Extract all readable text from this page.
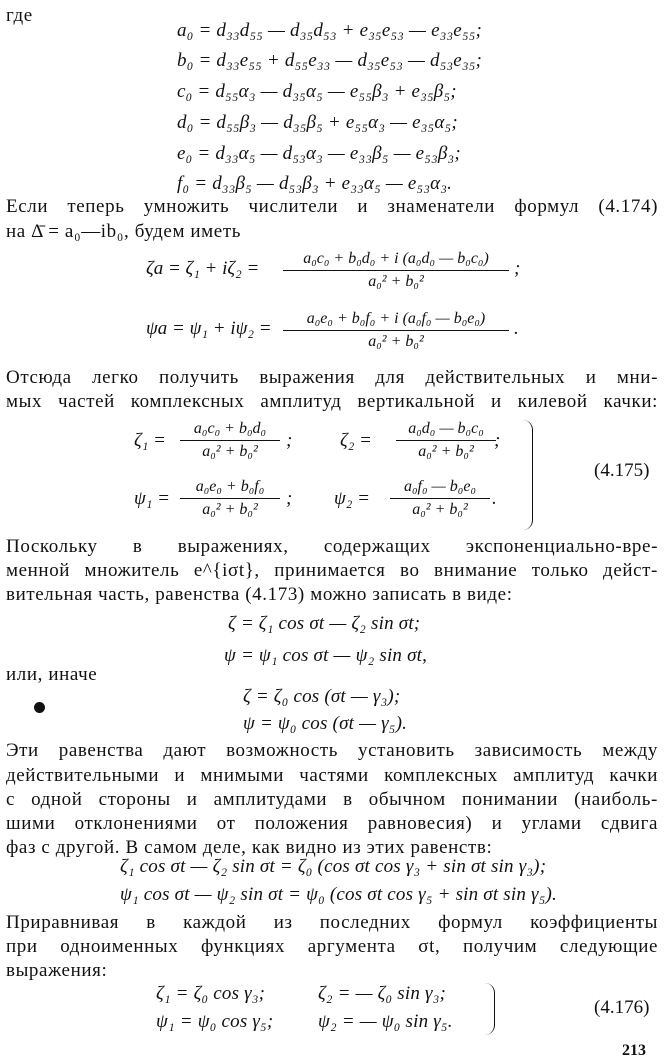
где
a₀ = d₃₃d₅₅ — d₃₅d₅₃ + e₃₅e₅₃ — e₃₃e₅₅;
b₀ = d₃₃e₅₅ + d₅₅e₃₃ — d₃₅e₅₃ — d₅₃e₃₅;
c₀ = d₅₅α₃ — d₃₅α₅ — e₅₅β₃ + e₃₅β₅;
d₀ = d₅₅β₃ — d₃₅β₅ + e₅₅α₃ — e₃₅α₅;
e₀ = d₃₃α₅ — d₅₃α₃ — e₃₃β₅ — e₅₃β₃;
f₀ = d₃₃β₅ — d₅₃β₃ + e₃₃α₅ — e₅₃α₃.
Если теперь умножить числители и знаменатели формул (4.174)
на Δ̄ = a₀—ib₀, будем иметь
$\zeta a = \zeta_1 + i\zeta_2 = \frac{\text{a₀c₀ + b₀d₀ + i (a₀d₀ — b₀c₀)}}{\text{a₀² + b₀²}}$ ;
$\psi a = \psi_1 + i\psi_2 = \frac{\text{a₀e₀ + b₀f₀ + i (a₀f₀ — b₀e₀)}}{\text{a₀² + b₀²}}$ .
Отсюда легко получить выражения для действительных и мни-
мых частей комплексных амплитуд вертикальной и килевой качки:
$\zeta_1 = \frac{\text{a₀c₀ + b₀d₀}}{\text{a₀² + b₀²}}$ ;	$\zeta_2 = \frac{\text{a₀d₀ — b₀c₀}}{\text{a₀² + b₀²}}$
;
$\psi_1 = \frac{\text{a₀e₀ + b₀f₀}}{\text{a₀² + b₀²}}$ ; $\psi_2 = \frac{\text{a₀f₀ — b₀e₀}}{\text{a₀² + b₀²}}$ .
(4.175)
Поскольку в выражениях, содержащих экспоненциально-вре-
менной множитель e^{iσt}, принимается во внимание только дейст-
вительная часть, равенства (4.173) можно записать в виде:
ζ = ζ₁ cos σt — ζ₂ sin σt;
ψ = ψ₁ cos σt — ψ₂ sin σt,
или, иначе
ζ = ζ₀ cos (σt — γ₃);
ψ = ψ₀ cos (σt — γ₅).
Эти равенства дают возможность установить зависимость между
действительными и мнимыми частями комплексных амплитуд качки
с одной стороны и амплитудами в обычном понимании (наиболь-
шими отклонениями от положения равновесия) и углами сдвига
фаз с другой. В самом деле, как видно из этих равенств:
ζ₁ cos σt — ζ₂ sin σt = ζ₀ (cos σt cos γ₃ + sin σt sin γ₃);
ψ₁ cos σt — ψ₂ sin σt = ψ₀ (cos σt cos γ₅ + sin σt sin γ₅).
Приравнивая в каждой из последних формул коэффициенты
при одноименных функциях аргумента σt, получим следующие
выражения:
ζ₁ = ζ₀ cos γ₃;	ζ₂ = — ζ₀ sin γ₃;
ψ₁ = ψ₀ cos γ₅; ψ₂ = — ψ₀ sin γ₅.
(4.176)
213
